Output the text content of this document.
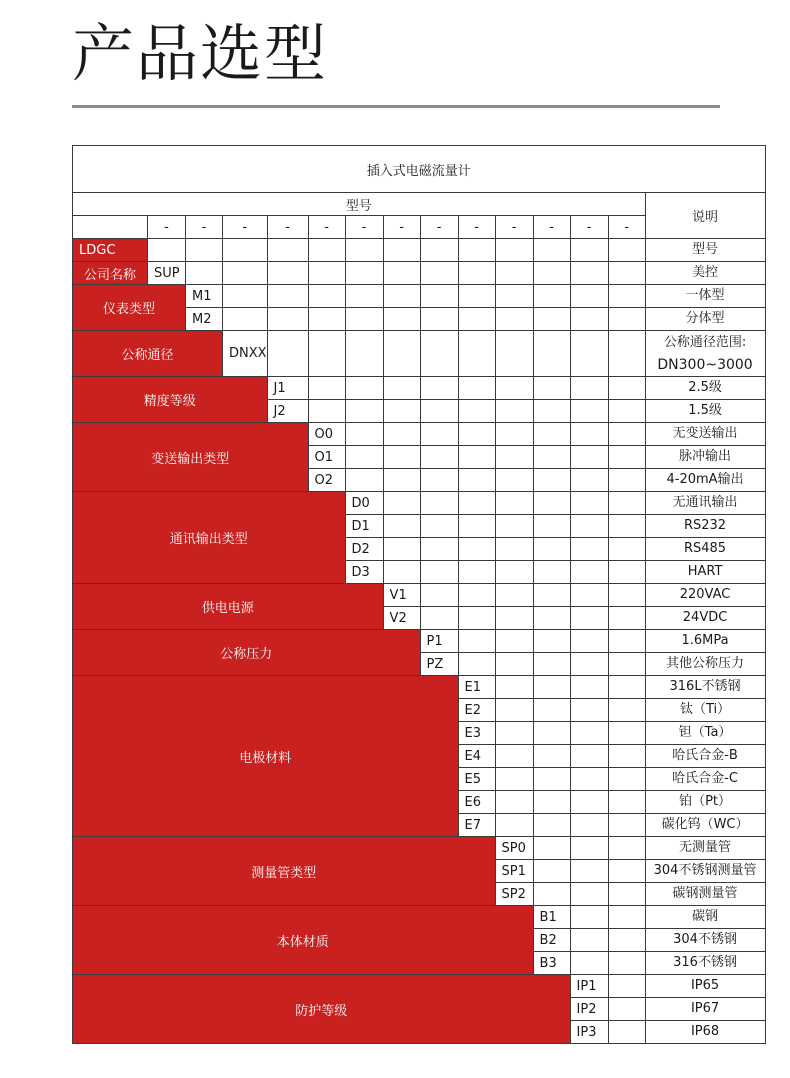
产品选型
插入式电磁流量计														
型号														说明
	-	-	-	-	-	-	-	-	-	-	-	-	-	
LDGC														型号
公司名称	SUP													美控
仪表类型		M1												一体型
		M2												分体型
公称通径			DNXX											公称通径范围:
DN300~3000

精度等级				J1										2.5级
				J2										1.5级
变送输出类型					O0									无变送输出
					O1									脉冲输出
					O2									4-20mA输出
通讯输出类型						D0								无通讯输出
						D1								RS232
						D2								RS485
						D3								HART
供电电源							V1							220VAC
							V2							24VDC
公称压力								P1						1.6MPa
								PZ						其他公称压力
电极材料									E1					316L不锈钢
									E2					钛（Ti）
									E3					钽（Ta）
									E4					哈氏合金-B
									E5					哈氏合金-C
									E6					铂（Pt）
									E7					碳化钨（WC）
测量管类型										SP0				无测量管
										SP1				304不锈钢测量管
										SP2				碳钢测量管
本体材质											B1			碳钢
											B2			304不锈钢
											B3			316不锈钢
防护等级												IP1		IP65
												IP2		IP67
												IP3		IP68
